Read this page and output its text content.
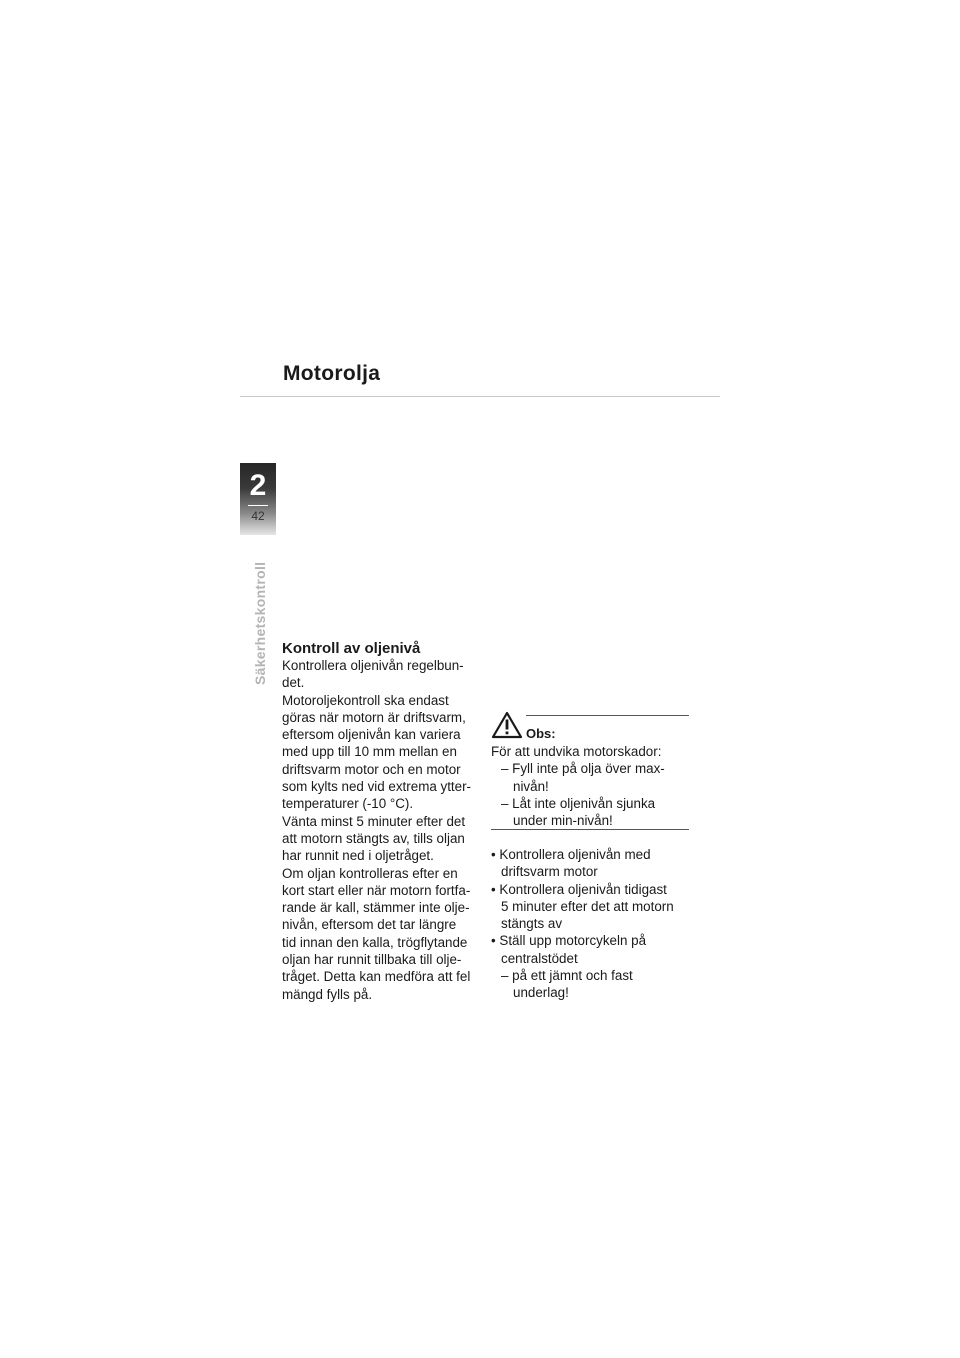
Motorolja
2
42
Säkerhetskontroll Kontroll av oljenivå
Kontrollera oljenivån regelbun-
det.
Motoroljekontroll ska endast
göras när motorn är driftsvarm,
eftersom oljenivån kan variera
med upp till 10 mm mellan en
driftsvarm motor och en motor
som kylts ned vid extrema ytter-
temperaturer (-10 °C).
Vänta minst 5 minuter efter det
att motorn stängts av, tills oljan
har runnit ned i oljetråget.
Om oljan kontrolleras efter en
kort start eller när motorn fortfa-
rande är kall, stämmer inte olje-
nivån, eftersom det tar längre
tid innan den kalla, trögflytande
oljan har runnit tillbaka till olje-
tråget. Detta kan medföra att fel
mängd fylls på.
Obs:
För att undvika motorskador:
– Fyll inte på olja över max-
nivån!
– Låt inte oljenivån sjunka
under min-nivån!
• Kontrollera oljenivån med
driftsvarm motor
• Kontrollera oljenivån tidigast
5 minuter efter det att motorn
stängts av
• Ställ upp motorcykeln på
centralstödet
– på ett jämnt och fast
underlag!
